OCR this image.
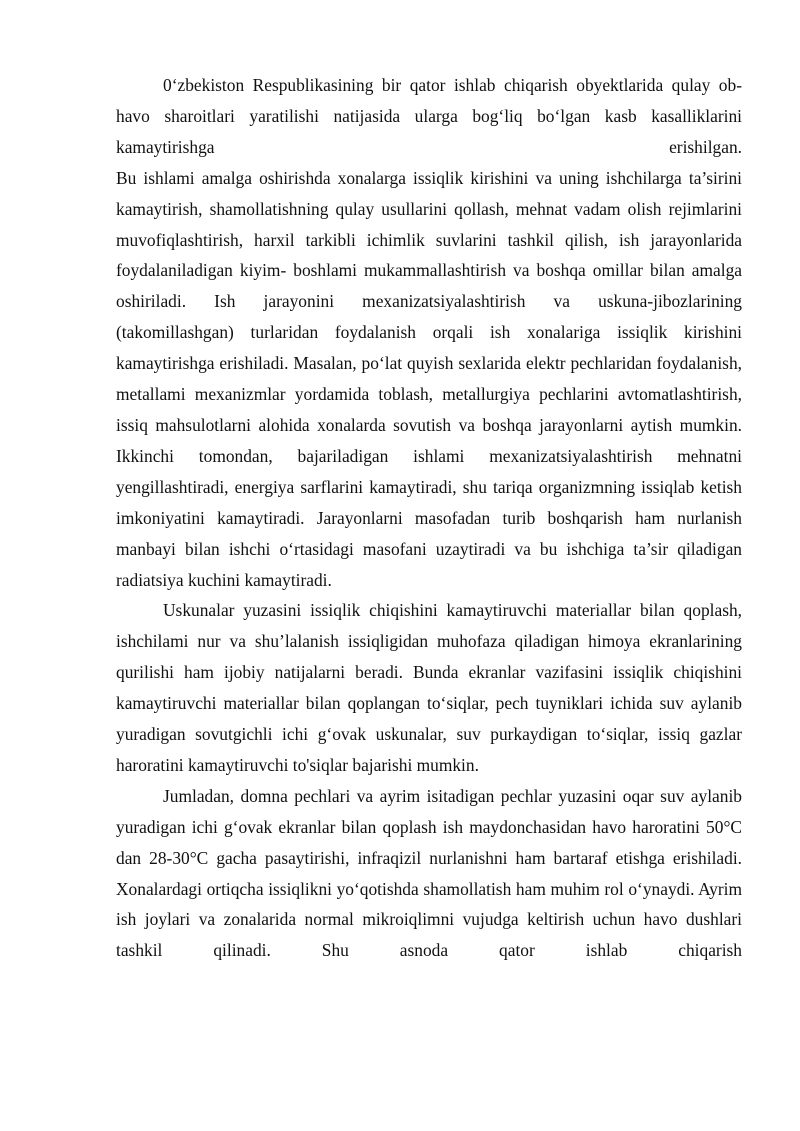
0‘zbekiston Respublikasining bir qator ishlab chiqarish obyektlarida qulay ob-havo sharoitlari yaratilishi natijasida ularga bog‘liq bo‘lgan kasb kasalliklarini kamaytirishga erishilgan.

Bu ishlami amalga oshirishda xonalarga issiqlik kirishini va uning ishchilarga ta’sirini kamaytirish, shamollatishning qulay usullarini qollash, mehnat vadam olish rejimlarini muvofiqlashtirish, harxil tarkibli ichimlik suvlarini tashkil qilish, ish jarayonlarida foydalaniladigan kiyim- boshlami mukammallashtirish va boshqa omillar bilan amalga oshiriladi. Ish jarayonini mexanizatsiyalashtirish va uskuna-jibozlarining (takomillashgan) turlaridan foydalanish orqali ish xonalariga issiqlik kirishini kamaytirishga erishiladi. Masalan, po‘lat quyish sexlarida elektr pechlaridan foydalanish, metallami mexanizmlar yordamida toblash, metallurgiya pechlarini avtomatlashtirish, issiq mahsulotlarni alohida xonalarda sovutish va boshqa jarayonlarni aytish mumkin. Ikkinchi tomondan, bajariladigan ishlami mexanizatsiyalashtirish mehnatni yengillashtiradi, energiya sarflarini kamaytiradi, shu tariqa organizmning issiqlab ketish imkoniyatini kamaytiradi. Jarayonlarni masofadan turib boshqarish ham nurlanish manbayi bilan ishchi o‘rtasidagi masofani uzaytiradi va bu ishchiga ta’sir qiladigan radiatsiya kuchini kamaytiradi.

Uskunalar yuzasini issiqlik chiqishini kamaytiruvchi materiallar bilan qoplash, ishchilami nur va shu’lalanish issiqligidan muhofaza qiladigan himoya ekranlarining qurilishi ham ijobiy natijalarni beradi. Bunda ekranlar vazifasini issiqlik chiqishini kamaytiruvchi materiallar bilan qoplangan to‘siqlar, pech tuyniklari ichida suv aylanib yuradigan sovutgichli ichi g‘ovak uskunalar, suv purkaydigan to‘siqlar, issiq gazlar haroratini kamaytiruvchi to'siqlar bajarishi mumkin.

Jumladan, domna pechlari va ayrim isitadigan pechlar yuzasini oqar suv aylanib yuradigan ichi g‘ovak ekranlar bilan qoplash ish maydonchasidan havo haroratini 50°C dan 28-30°C gacha pasaytirishi, infraqizil nurlanishni ham bartaraf etishga erishiladi. Xonalardagi ortiqcha issiqlikni yo‘qotishda shamollatish ham muhim rol o‘ynaydi. Ayrim ish joylari va zonalarida normal mikroiqlimni vujudga keltirish uchun havo dushlari tashkil qilinadi. Shu asnoda qator ishlab chiqarish
